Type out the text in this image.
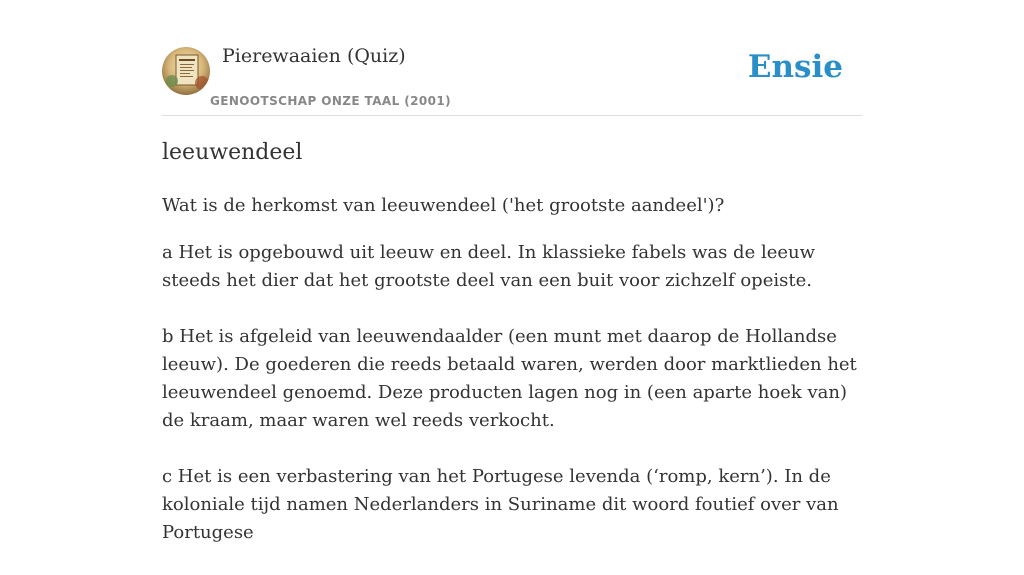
Pierewaaien (Quiz)
GENOOTSCHAP ONZE TAAL (2001)
Ensie
leeuwendeel

Wat is de herkomst van leeuwendeel ('het grootste aandeel')?

a Het is opgebouwd uit leeuw en deel. In klassieke fabels was de leeuw steeds het dier dat het grootste deel van een buit voor zichzelf opeiste.

b Het is afgeleid van leeuwendaalder (een munt met daarop de Hollandse leeuw). De goederen die reeds betaald waren, werden door marktlieden het leeuwendeel genoemd. Deze producten lagen nog in (een aparte hoek van) de kraam, maar waren wel reeds verkocht.

c Het is een verbastering van het Portugese levenda (‘romp, kern’). In de koloniale tijd namen Nederlanders in Suriname dit woord foutief over van Portugese
